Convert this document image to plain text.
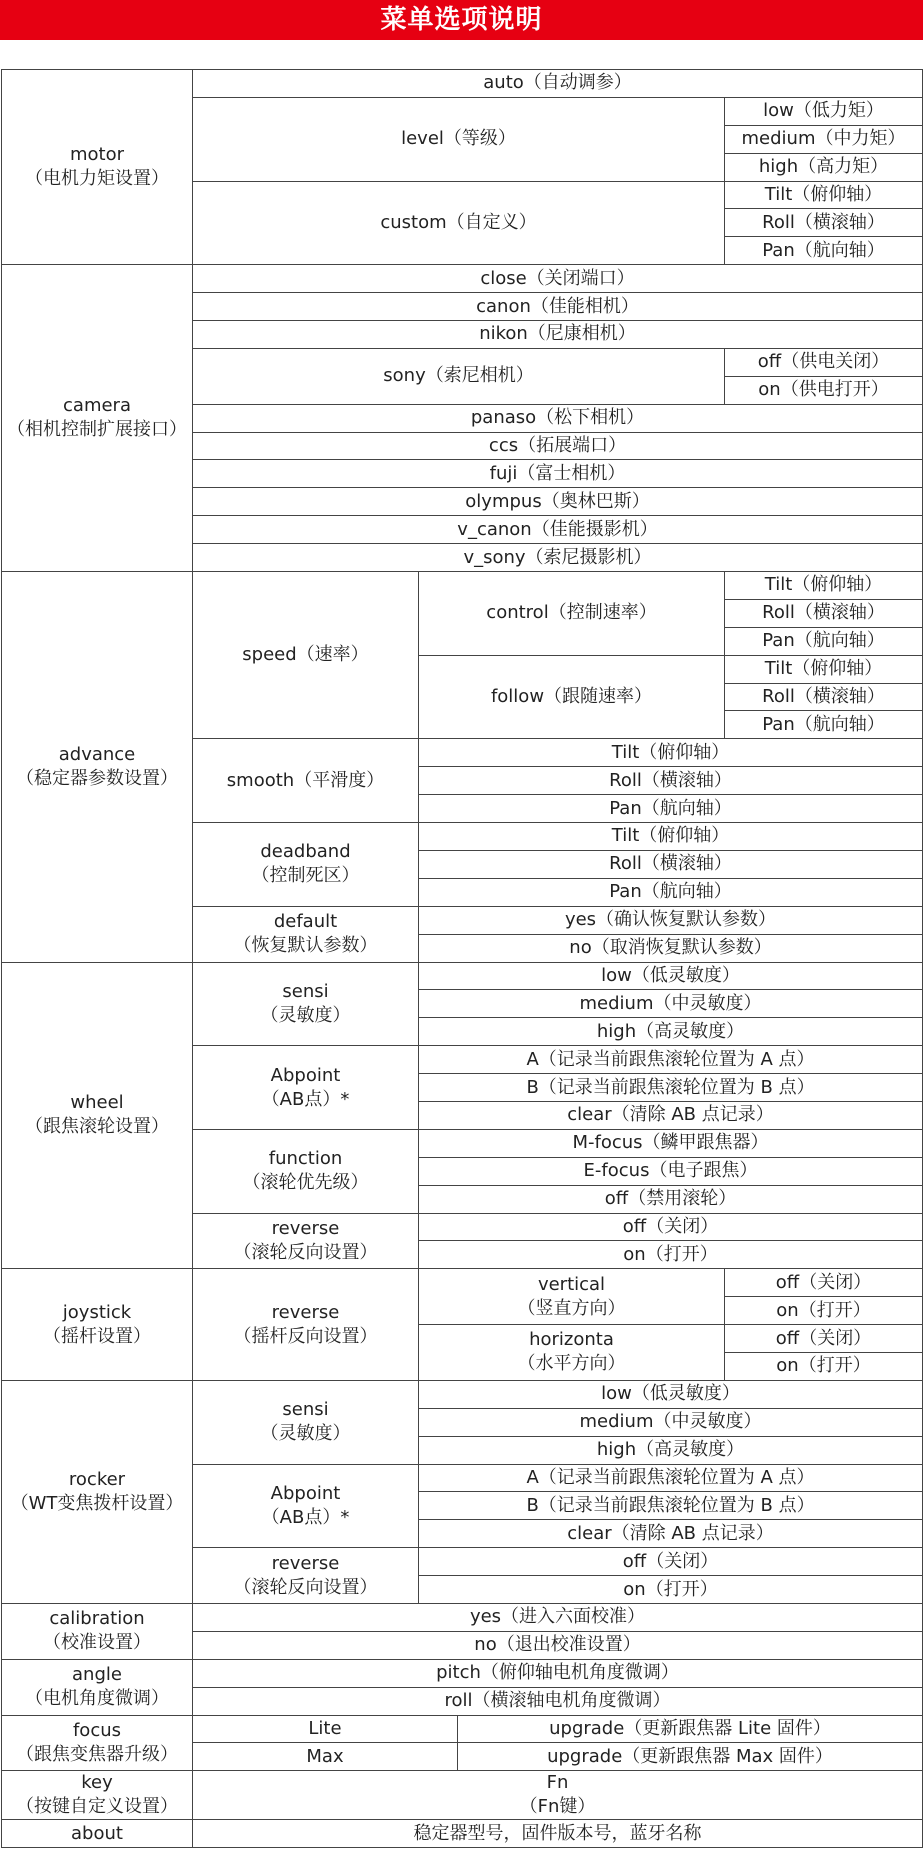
菜单选项说明
motor
（电机力矩设置）	auto（自动调参）			

	level（等级）			low（低力矩）

				medium（中力矩）

				high（高力矩）

	custom（自定义）			Tilt（俯仰轴）

				Roll（横滚轴）

				Pan（航向轴）

camera
（相机控制扩展接口）	close（关闭端口）			

	canon（佳能相机）			

	nikon（尼康相机）			

	sony（索尼相机）			off（供电关闭）

				on（供电打开）

	panaso（松下相机）			

	ccs（拓展端口）			

	fuji（富士相机）			

	olympus（奥林巴斯）			

	v_canon（佳能摄影机）			

	v_sony（索尼摄影机）			

advance
（稳定器参数设置）	speed（速率）	control（控制速率）		Tilt（俯仰轴）

				Roll（横滚轴）

				Pan（航向轴）

		follow（跟随速率）		Tilt（俯仰轴）

				Roll（横滚轴）

				Pan（航向轴）

	smooth（平滑度）	Tilt（俯仰轴）		

		Roll（横滚轴）		

		Pan（航向轴）		

	deadband
（控制死区）	Tilt（俯仰轴）		

		Roll（横滚轴）		

		Pan（航向轴）		

	default
（恢复默认参数）	yes（确认恢复默认参数）		

		no（取消恢复默认参数）		

wheel
（跟焦滚轮设置）	sensi
（灵敏度）	low（低灵敏度）		

		medium（中灵敏度）		

		high（高灵敏度）		

	Abpoint
（AB点）*	A（记录当前跟焦滚轮位置为 A 点）		

		B（记录当前跟焦滚轮位置为 B 点）		

		clear（清除 AB 点记录）		

	function
（滚轮优先级）	M-focus（鳞甲跟焦器）		

		E-focus（电子跟焦）		

		off（禁用滚轮）		

	reverse
（滚轮反向设置）	off（关闭）		

		on（打开）		

joystick
（摇杆设置）	reverse
（摇杆反向设置）	vertical
（竖直方向）		off（关闭）

				on（打开）

		horizonta
（水平方向）		off（关闭）

				on（打开）

rocker
（WT变焦拨杆设置）	sensi
（灵敏度）	low（低灵敏度）		

		medium（中灵敏度）		

		high（高灵敏度）		

	Abpoint
（AB点）*	A（记录当前跟焦滚轮位置为 A 点）		

		B（记录当前跟焦滚轮位置为 B 点）		

		clear（清除 AB 点记录）		

	reverse
（滚轮反向设置）	off（关闭）		

		on（打开）		

calibration
（校准设置）	yes（进入六面校准）			

	no（退出校准设置）			

angle
（电机角度微调）	pitch（俯仰轴电机角度微调）			

	roll（横滚轴电机角度微调）			

focus
（跟焦变焦器升级）	Lite		upgrade（更新跟焦器 Lite 固件）	

	Max		upgrade（更新跟焦器 Max 固件）	

key
（按键自定义设置）	Fn
（Fn键）			

about	稳定器型号，固件版本号，蓝牙名称			
